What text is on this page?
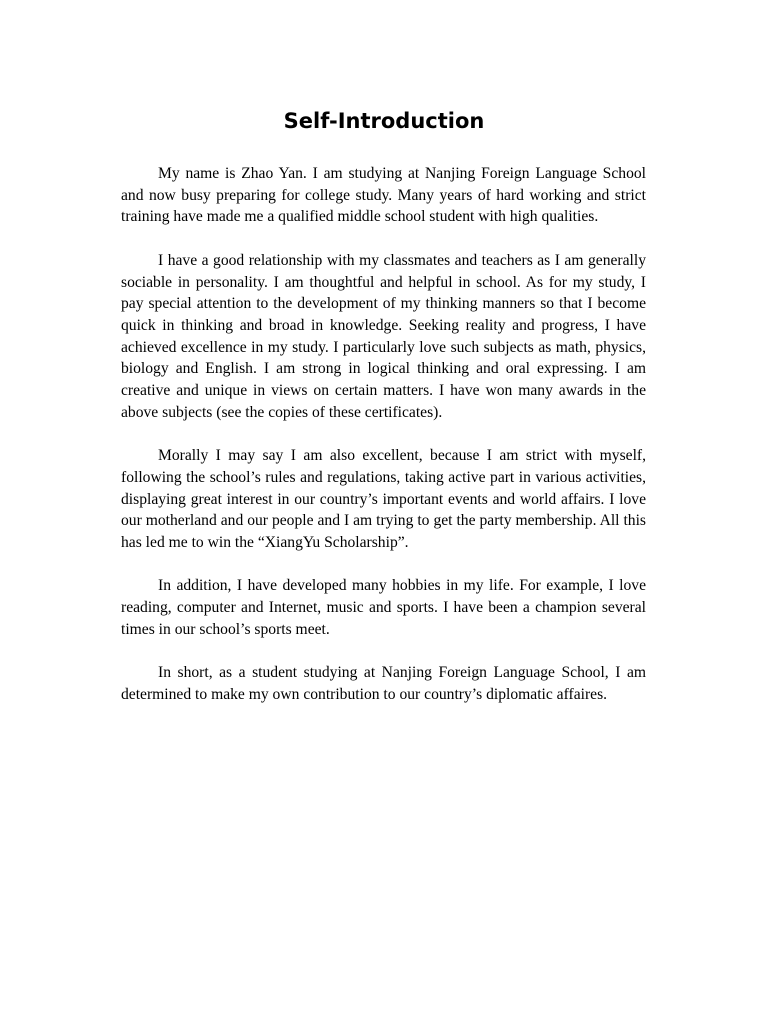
Self-Introduction

My name is Zhao Yan. I am studying at Nanjing Foreign Language School and now busy preparing for college study. Many years of hard working and strict training have made me a qualified middle school student with high qualities.

I have a good relationship with my classmates and teachers as I am generally sociable in personality. I am thoughtful and helpful in school. As for my study, I pay special attention to the development of my thinking manners so that I become quick in thinking and broad in knowledge. Seeking reality and progress, I have achieved excellence in my study. I particularly love such subjects as math, physics, biology and English. I am strong in logical thinking and oral expressing. I am creative and unique in views on certain matters. I have won many awards in the above subjects (see the copies of these certificates).

Morally I may say I am also excellent, because I am strict with myself, following the school’s rules and regulations, taking active part in various activities, displaying great interest in our country’s important events and world affairs. I love our motherland and our people and I am trying to get the party membership. All this has led me to win the “XiangYu Scholarship”.

In addition, I have developed many hobbies in my life. For example, I love reading, computer and Internet, music and sports. I have been a champion several times in our school’s sports meet.

In short, as a student studying at Nanjing Foreign Language School, I am determined to make my own contribution to our country’s diplomatic affaires.
